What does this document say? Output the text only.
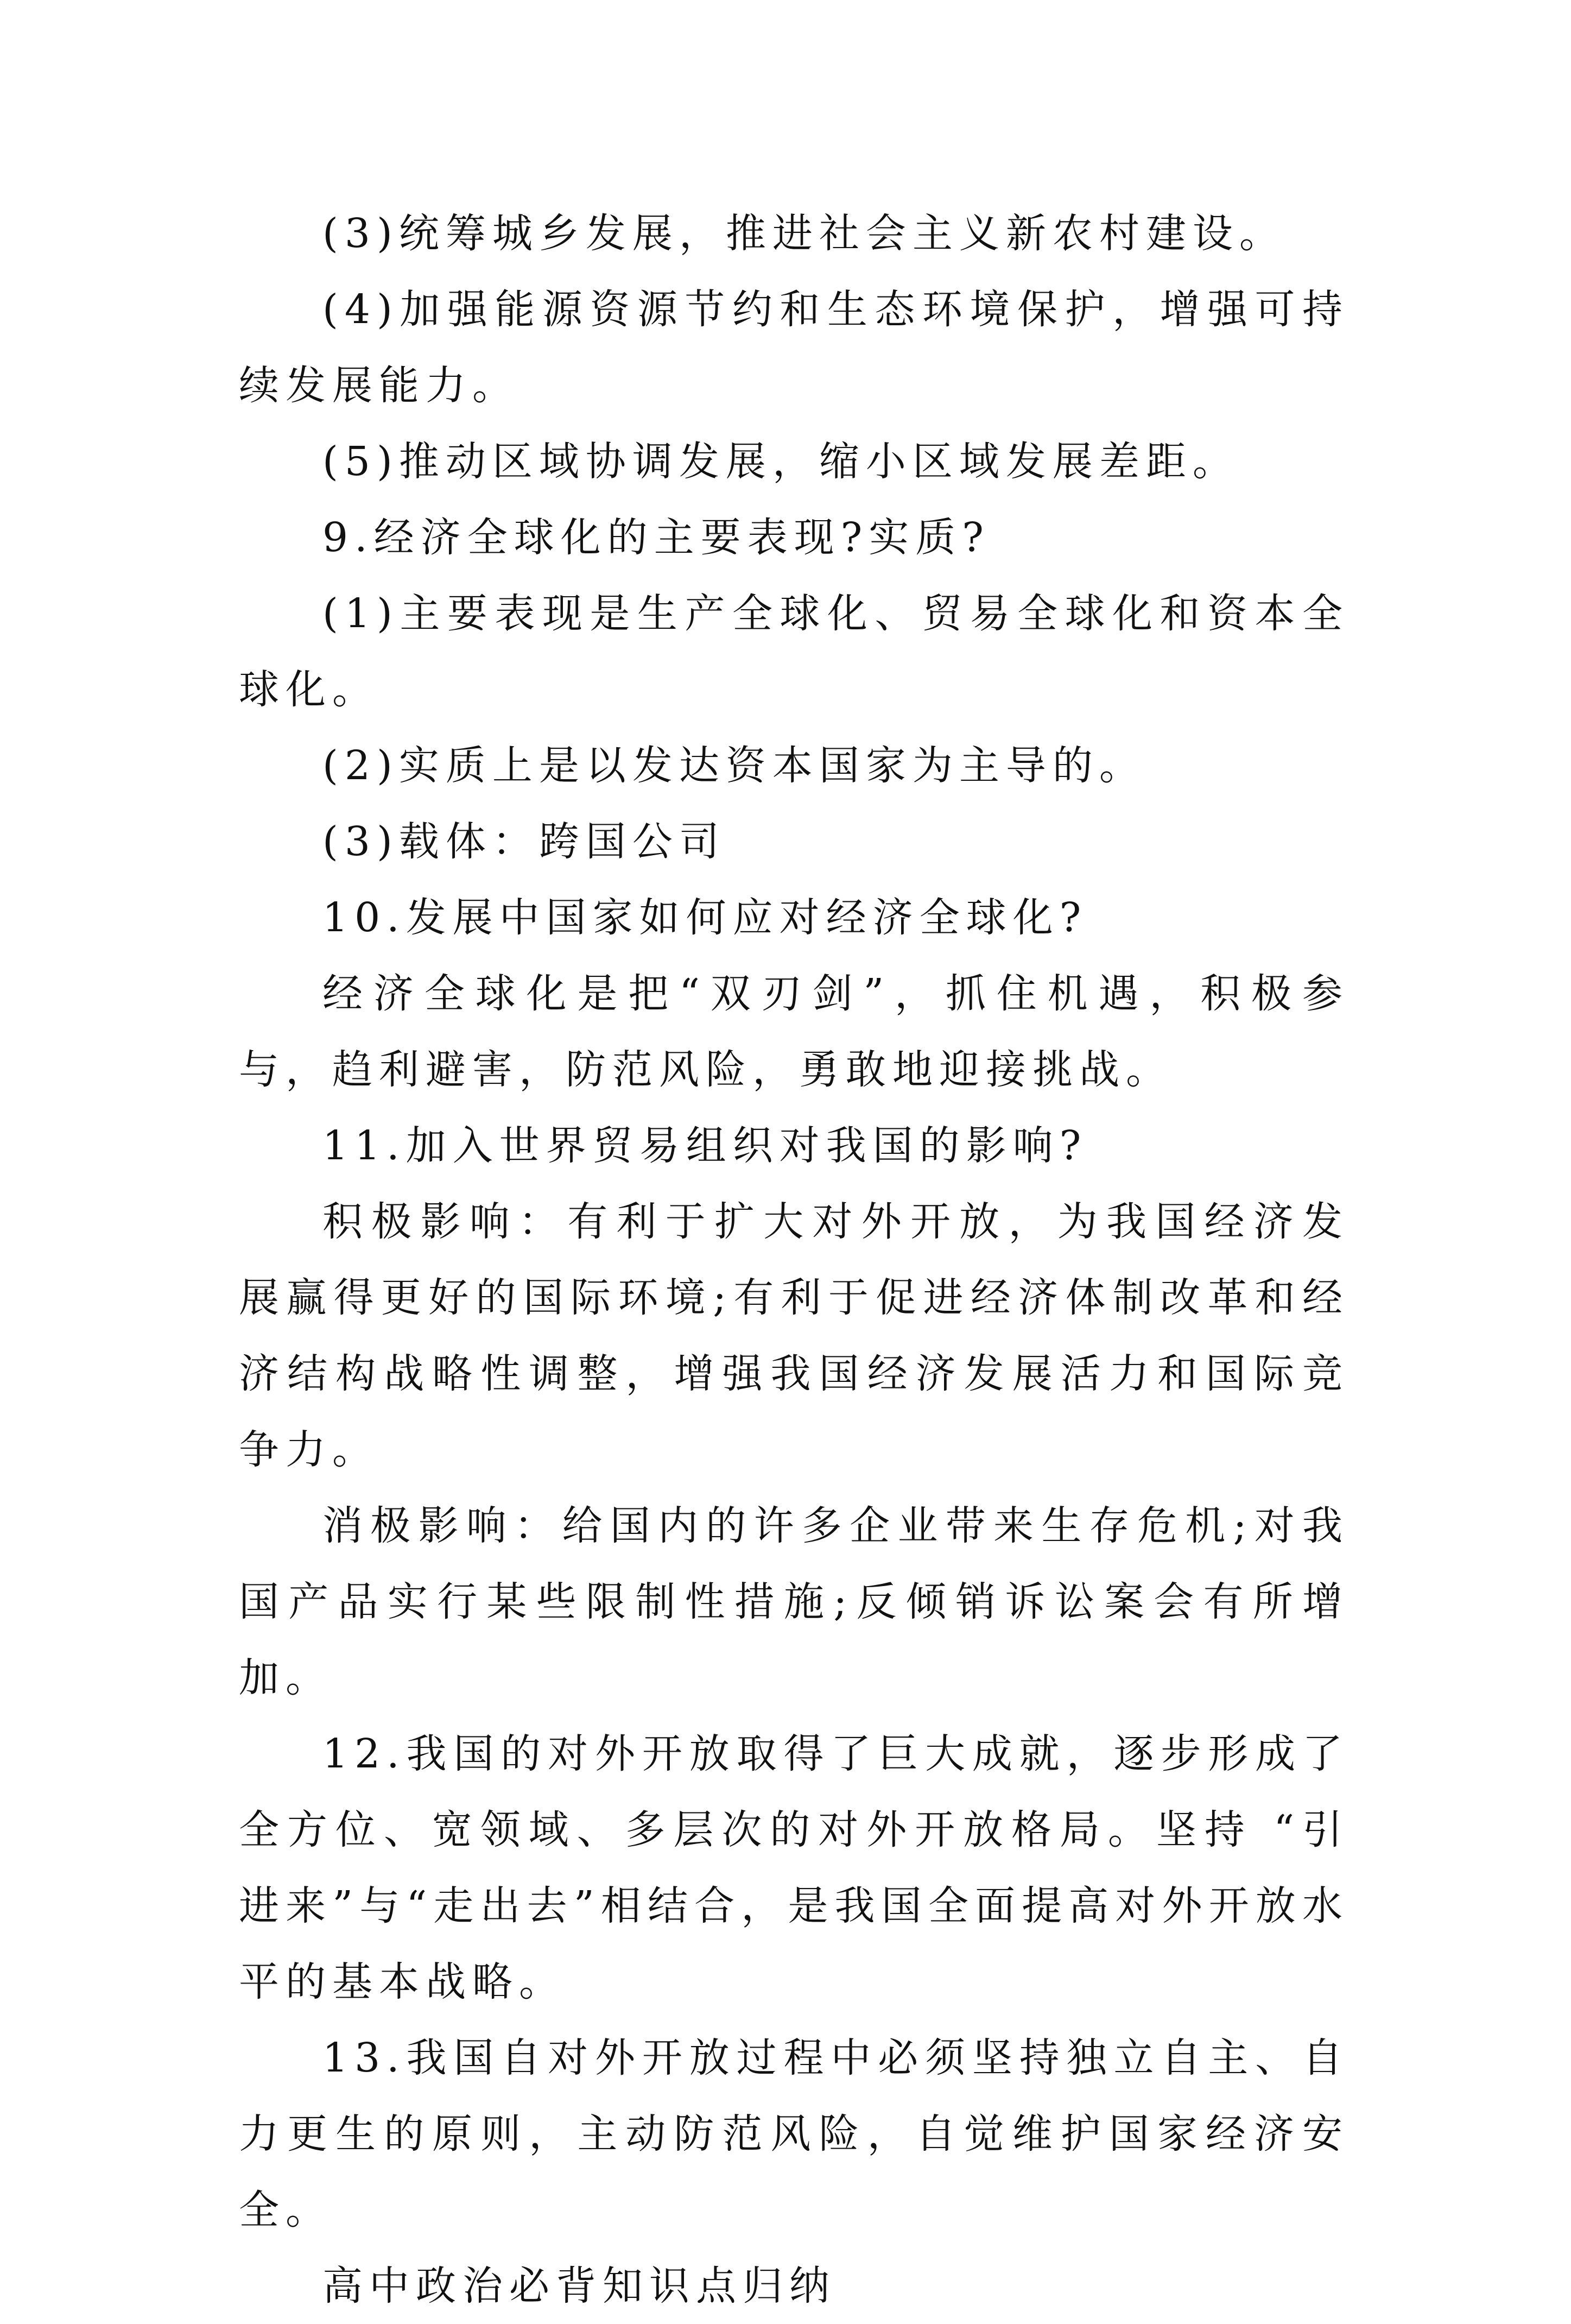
(3)统筹城乡发展，推进社会主义新农村建设。

(4)加强能源资源节约和生态环境保护，增强可持续发展能力。

(5)推动区域协调发展，缩小区域发展差距。

9.经济全球化的主要表现?实质?

(1)主要表现是生产全球化、贸易全球化和资本全球化。

(2)实质上是以发达资本国家为主导的。

(3)载体：跨国公司

10.发展中国家如何应对经济全球化?

经济全球化是把“双刃剑”，抓住机遇，积极参与，趋利避害，防范风险，勇敢地迎接挑战。

11.加入世界贸易组织对我国的影响?

积极影响：有利于扩大对外开放，为我国经济发展赢得更好的国际环境;有利于促进经济体制改革和经济结构战略性调整，增强我国经济发展活力和国际竞争力。

消极影响：给国内的许多企业带来生存危机;对我国产品实行某些限制性措施;反倾销诉讼案会有所增加。

12.我国的对外开放取得了巨大成就，逐步形成了全方位、宽领域、多层次的对外开放格局。坚持 “引进来”与“走出去”相结合，是我国全面提高对外开放水平的基本战略。

13.我国自对外开放过程中必须坚持独立自主、自力更生的原则，主动防范风险，自觉维护国家经济安全。

高中政治必背知识点归纳
